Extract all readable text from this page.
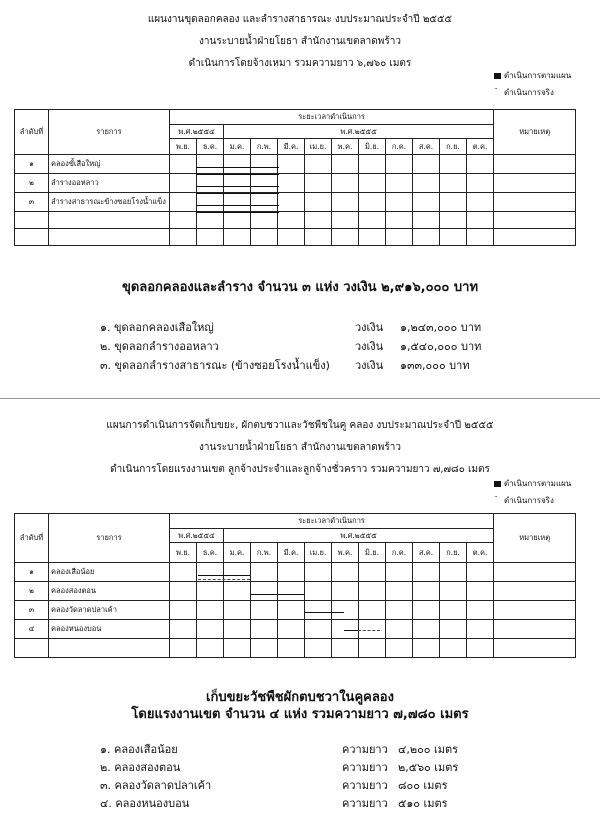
แผนงานขุดลอกคลอง และลำรางสาธารณะ งบประมาณประจำปี ๒๕๕๕
งานระบายน้ำฝ่ายโยธา สำนักงานเขตลาดพร้าว
ดำเนินการโดยจ้างเหมา รวมความยาว ๖,๗๖๐ เมตร
ดำเนินการตามแผน
·· ดำเนินการจริง
ลำดับที่	รายการ	ระยะเวลาดำเนินการ												หมายเหตุ
		พ.ศ.๒๕๕๔		พ.ศ.๒๕๕๕										
		พ.ย.	ธ.ค.	ม.ค.	ก.พ.	มี.ค.	เม.ย.	พ.ค.	มิ.ย.	ก.ค.	ส.ค.	ก.ย.	ต.ค.	
๑	คลองขั้เสือใหญ่													
๒	ลำรางออหลาว													
๓	ลำรางสาธารณะข้างซอยโรงน้ำแข็ง													

ขุดลอกคลองและลำราง จำนวน ๓ แห่ง วงเงิน ๒,๙๑๖,๐๐๐ บาท
๑. ขุดลอกคลองเสือใหญ่	วงเงิน ๑,๒๔๓,๐๐๐ บาท
๒. ขุดลอกลำรางออหลาว	วงเงิน ๑,๕๔๐,๐๐๐ บาท
๓. ขุดลอกลำรางสาธารณะ (ข้างซอยโรงน้ำแข็ง) วงเงิน ๑๓๓,๐๐๐ บาท
แผนการดำเนินการจัดเก็บขยะ, ผักตบชวาและวัชพืชในคู คลอง งบประมาณประจำปี ๒๕๕๕
งานระบายน้ำฝ่ายโยธา สำนักงานเขตลาดพร้าว
ดำเนินการโดยแรงงานเขต ลูกจ้างประจำและลูกจ้างชั่วคราว รวมความยาว ๗,๗๘๐ เมตร
ดำเนินการตามแผน
·· ดำเนินการจริง
ลำดับที่	รายการ	ระยะเวลาดำเนินการ												หมายเหตุ
		พ.ศ.๒๕๕๔		พ.ศ.๒๕๕๕										
		พ.ย.	ธ.ค.	ม.ค.	ก.พ.	มี.ค.	เม.ย.	พ.ค.	มิ.ย.	ก.ค.	ส.ค.	ก.ย.	ต.ค.	
๑	คลองเสือน้อย													
๒	คลองสองตอน													
๓	คลองวัดลาดปลาเค้า													
๔	คลองหนองบอน													

เก็บขยะวัชพืชผักตบชวาในคูคลอง
โดยแรงงานเขต จำนวน ๔ แห่ง รวมความยาว ๗,๗๘๐ เมตร
๑. คลองเสือน้อย	ความยาว ๔,๒๐๐ เมตร
๒. คลองสองตอน	ความยาว ๒,๕๖๐ เมตร
๓. คลองวัดลาดปลาเค้า	ความยาว ๘๐๐ เมตร
๔. คลองหนองบอน	ความยาว ๕๑๐ เมตร
